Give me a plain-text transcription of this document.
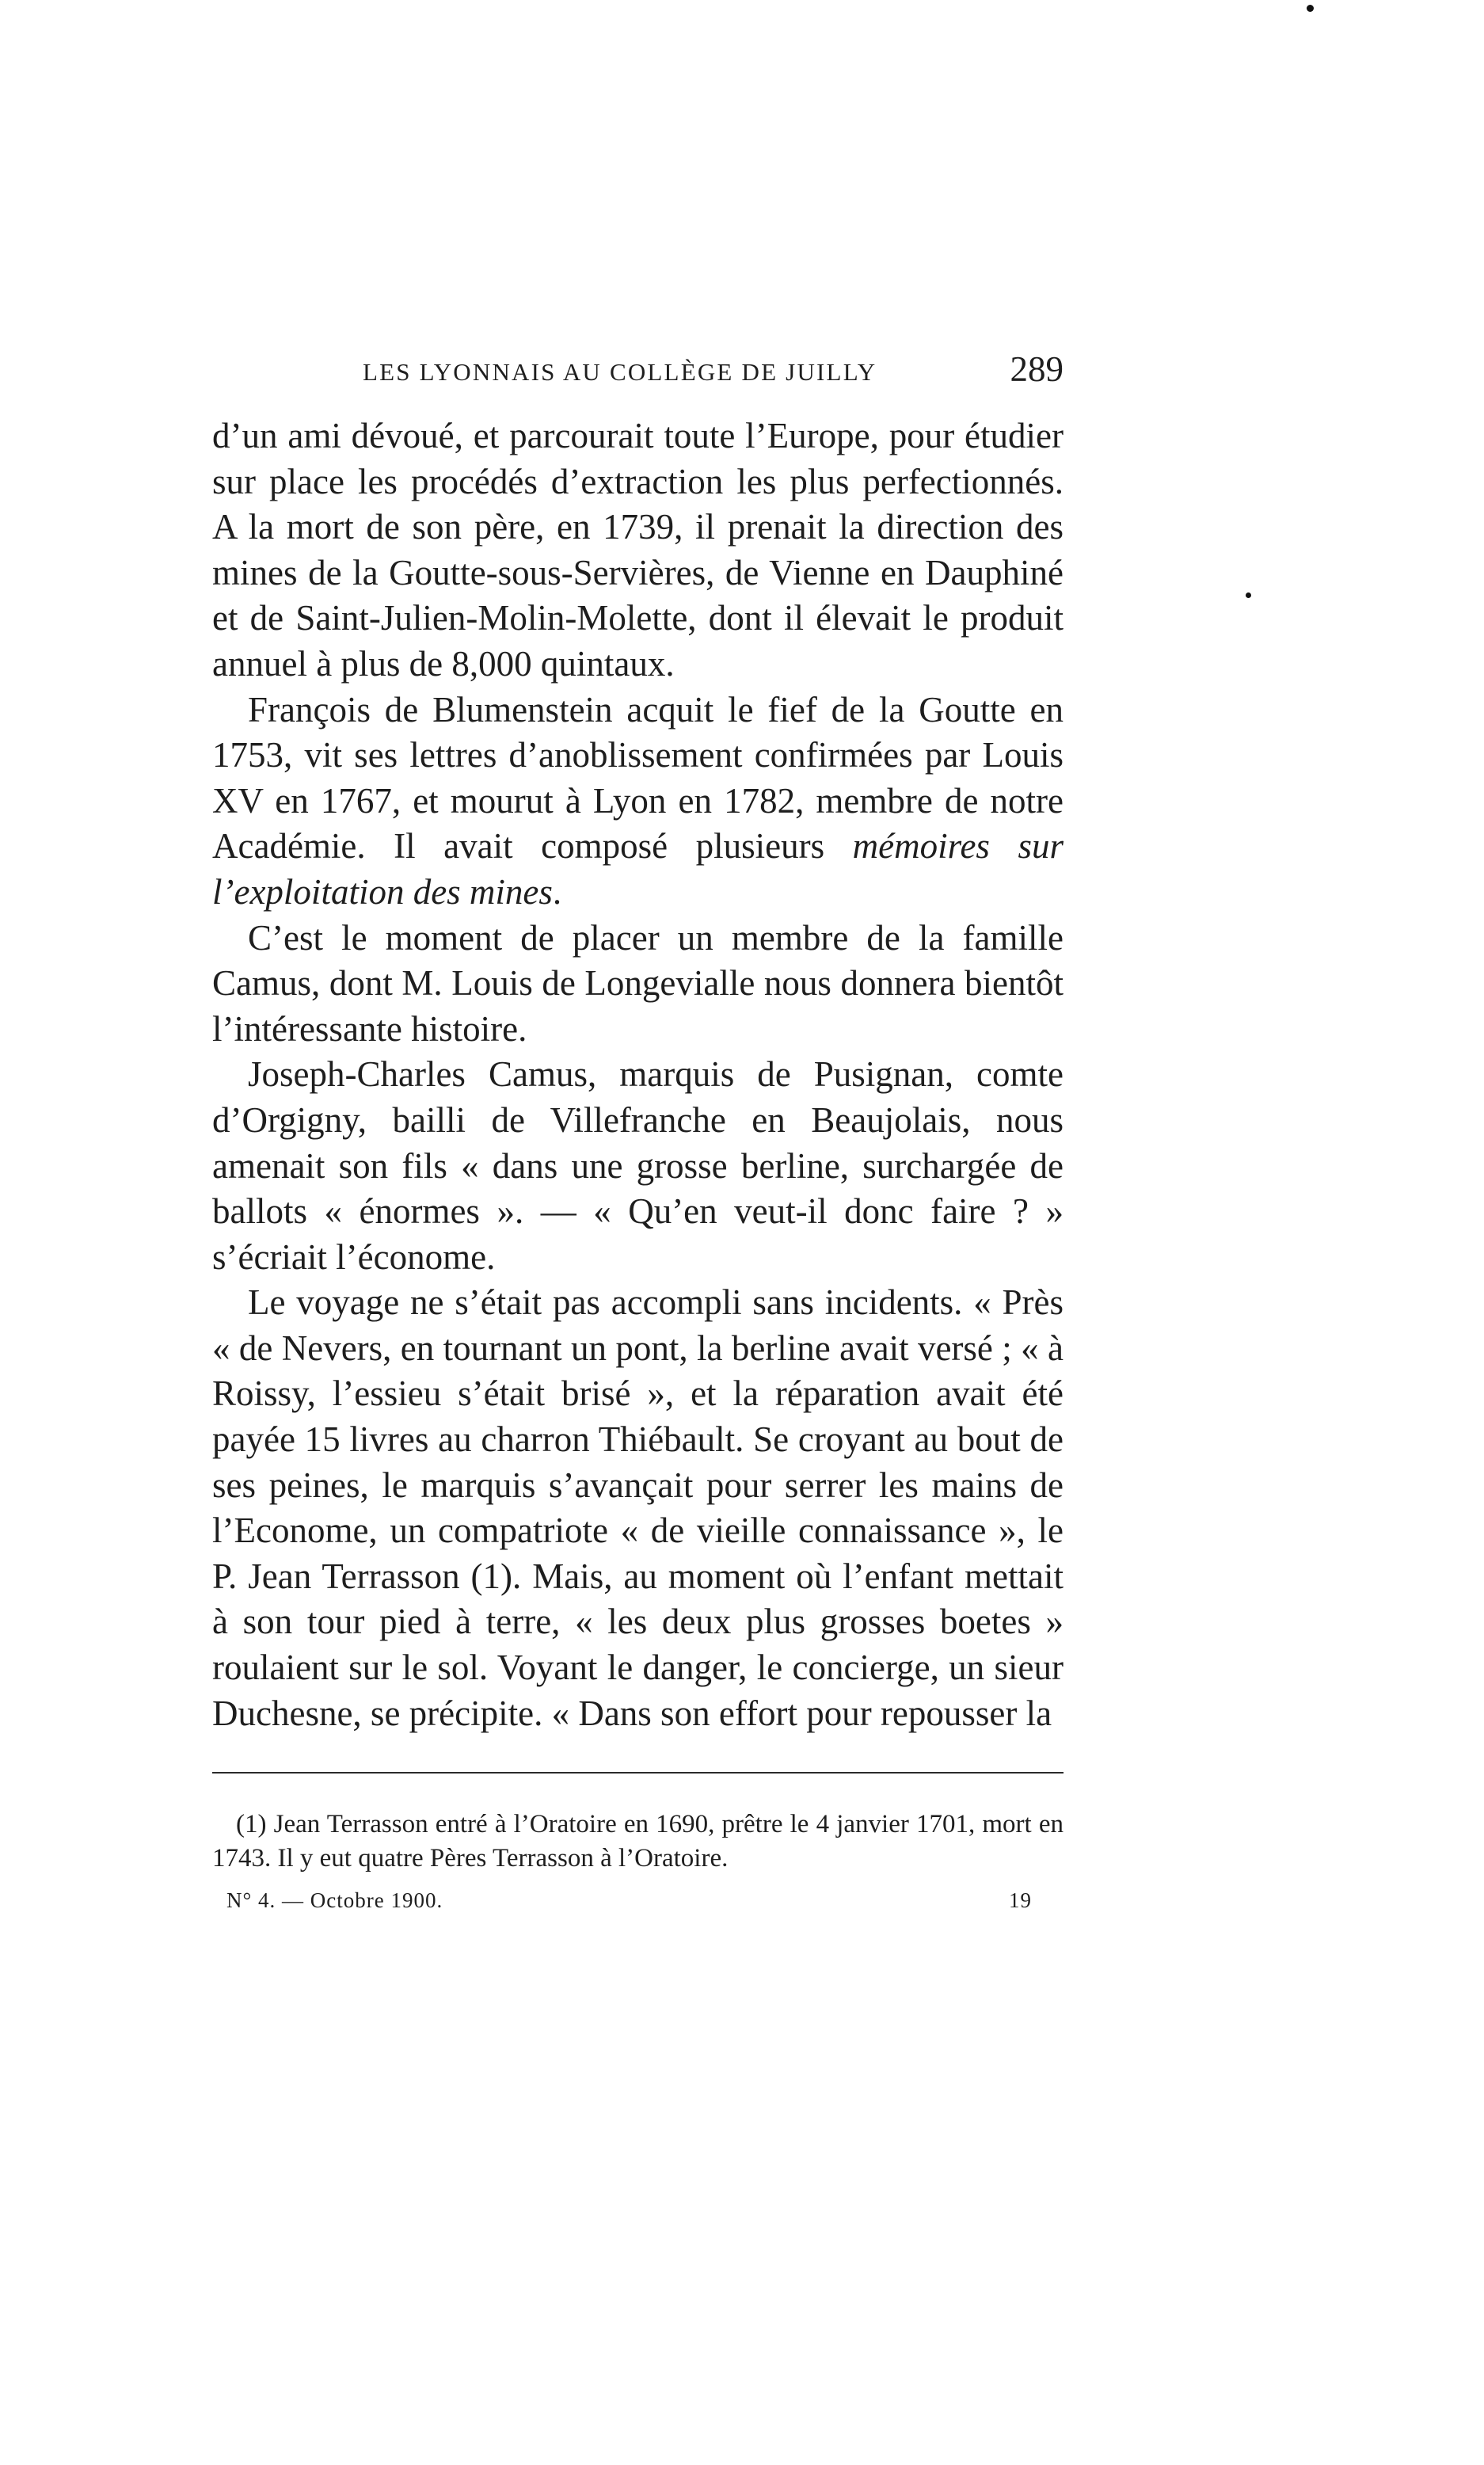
LES LYONNAIS AU COLLÈGE DE JUILLY	289

d’un ami dévoué, et parcourait toute l’Europe, pour étudier sur place les procédés d’extraction les plus perfectionnés. A la mort de son père, en 1739, il prenait la direction des mines de la Goutte-sous-Servières, de Vienne en Dauphiné et de Saint-Julien-Molin-Molette, dont il élevait le produit annuel à plus de 8,000 quintaux.

François de Blumenstein acquit le fief de la Goutte en 1753, vit ses lettres d’anoblissement confirmées par Louis XV en 1767, et mourut à Lyon en 1782, membre de notre Académie. Il avait composé plusieurs mémoires sur l’exploitation des mines.

C’est le moment de placer un membre de la famille Camus, dont M. Louis de Longevialle nous donnera bientôt l’intéressante histoire.

Joseph-Charles Camus, marquis de Pusignan, comte d’Orgigny, bailli de Villefranche en Beaujolais, nous amenait son fils « dans une grosse berline, surchargée de ballots « énormes ». — « Qu’en veut-il donc faire ? » s’écriait l’économe.

Le voyage ne s’était pas accompli sans incidents. « Près « de Nevers, en tournant un pont, la berline avait versé ; « à Roissy, l’essieu s’était brisé », et la réparation avait été payée 15 livres au charron Thiébault. Se croyant au bout de ses peines, le marquis s’avançait pour serrer les mains de l’Econome, un compatriote « de vieille connaissance », le P. Jean Terrasson (1). Mais, au moment où l’enfant mettait à son tour pied à terre, « les deux plus grosses boetes » roulaient sur le sol. Voyant le danger, le concierge, un sieur Duchesne, se précipite. « Dans son effort pour repousser la

(1) Jean Terrasson entré à l’Oratoire en 1690, prêtre le 4 janvier 1701, mort en 1743. Il y eut quatre Pères Terrasson à l’Oratoire.

N° 4. — Octobre 1900.	19
